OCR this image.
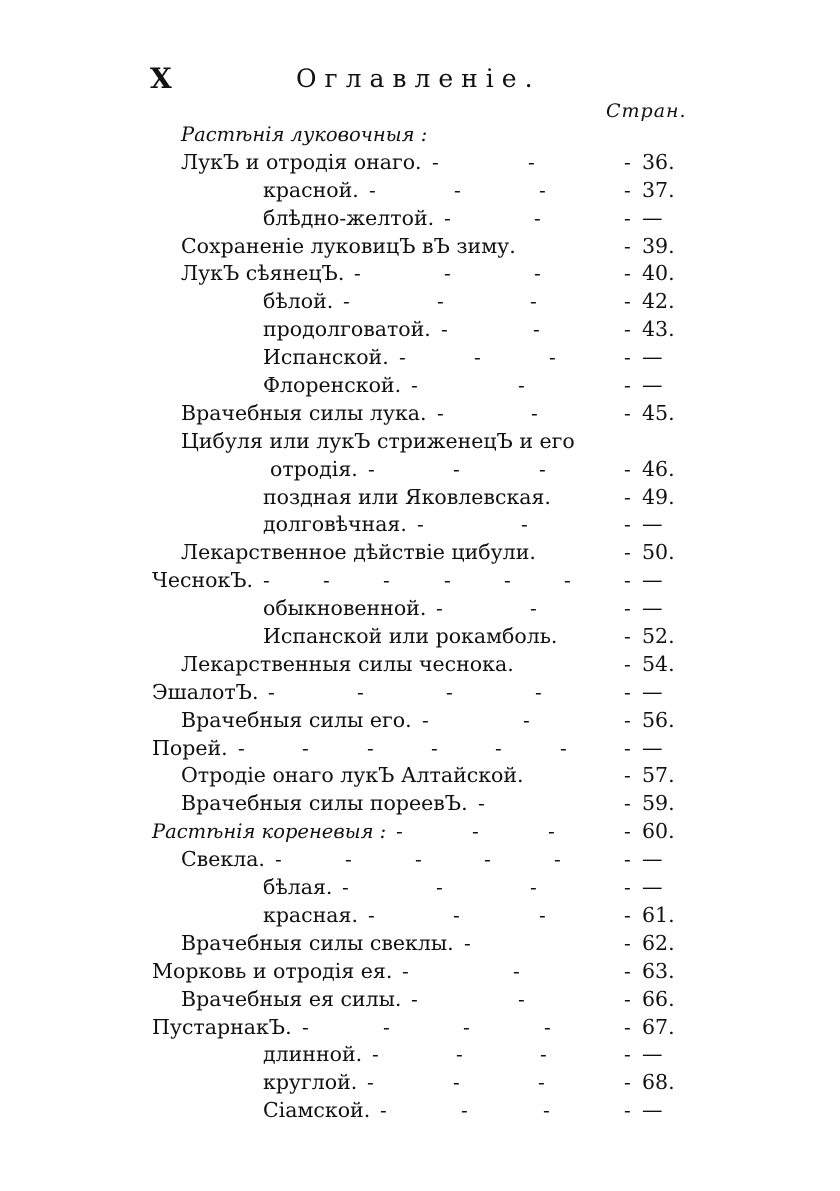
X	Оглавленіе.
Стран.
Растѣнія луковочныя :
ЛукЪ и отродія онаго. -	-	- 36.
красной. -	-	-	- 37.
блѣдно-желтой. -	-	- —
Сохраненіе луковицЪ вЪ зиму.	- 39.
ЛукЪ сѣянецЪ. -	-	-	- 40.
бѣлой. -	-	-	- 42.
продолговатой. -	-	- 43.
Испанской. -	-	-	- —
Флоренской. -	-	- —
Врачебныя силы лука. -	-	- 45.
Цибуля или лукЪ стриженецЪ и его
отродія. -	-	-	- 46.
поздная или Яковлевская.	- 49.
долговѣчная. -	-	- —
Лекарственное дѣйствіе цибули.	- 50.
ЧеснокЪ. -	-	-	-	-	-	- —
обыкновенной. -	-	- —
Испанской или рокамболь.	- 52.
Лекарственныя силы чеснока.	- 54.
ЭшалотЪ. -	-	-	-	- —
Врачебныя силы его. -	-	- 56.
Порей. -	-	-	-	-	-	- —
Отродіе онаго лукЪ Алтайской.	- 57.
Врачебныя силы пореевЪ. -	- 59.
Растѣнія кореневыя : -	-	-	- 60.
Свекла. -	-	-	-	-	- —
бѣлая. -	-	-	- —
красная. -	-	-	- 61.
Врачебныя силы свеклы. -	- 62.
Морковь и отродія ея. -	-	- 63.
Врачебныя ея силы. -	-	- 66.
ПустарнакЪ. -	-	-	-	- 67.
длинной. -	-	-	- —
круглой. -	-	-	- 68.
Сіамской. -	-	-	- —
